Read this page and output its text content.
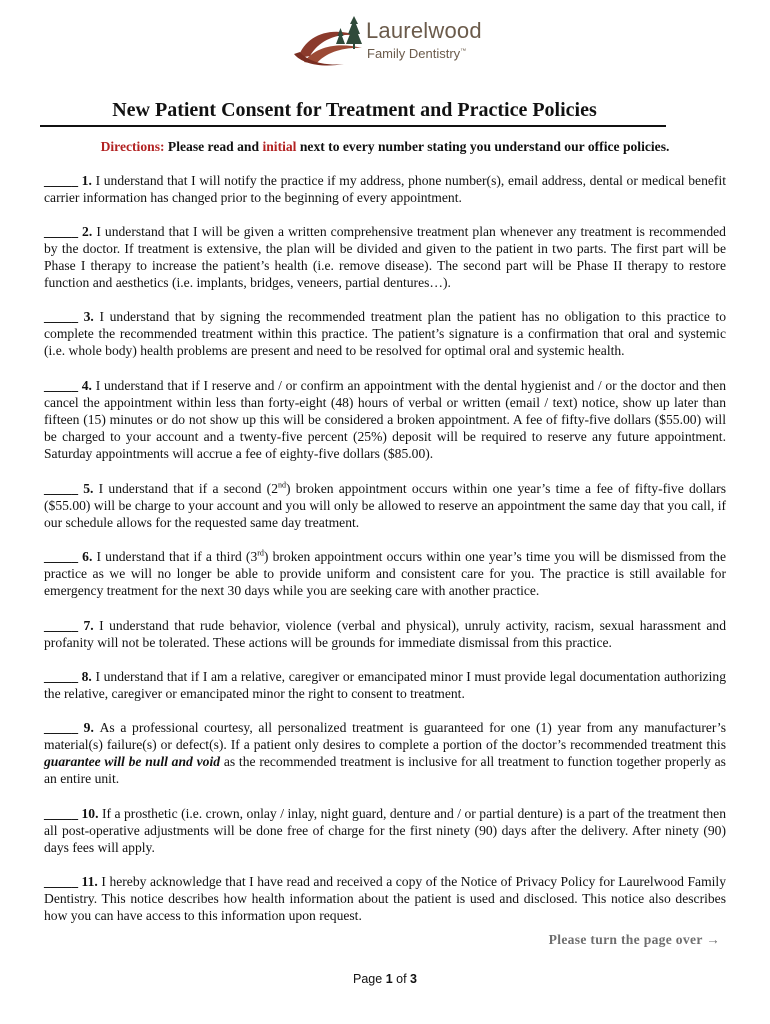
Laurelwood
Family Dentistry™
New Patient Consent for Treatment and Practice Policies
Directions: Please read and initial next to every number stating you understand our office policies.
_____ 1. I understand that I will notify the practice if my address, phone number(s), email address, dental or medical benefit carrier information has changed prior to the beginning of every appointment.
_____ 2. I understand that I will be given a written comprehensive treatment plan whenever any treatment is recommended by the doctor. If treatment is extensive, the plan will be divided and given to the patient in two parts. The first part will be Phase I therapy to increase the patient’s health (i.e. remove disease). The second part will be Phase II therapy to restore function and aesthetics (i.e. implants, bridges, veneers, partial dentures…).
_____ 3. I understand that by signing the recommended treatment plan the patient has no obligation to this practice to complete the recommended treatment within this practice. The patient’s signature is a confirmation that oral and systemic (i.e. whole body) health problems are present and need to be resolved for optimal oral and systemic health.
_____ 4. I understand that if I reserve and / or confirm an appointment with the dental hygienist and / or the doctor and then cancel the appointment within less than forty-eight (48) hours of verbal or written (email / text) notice, show up later than fifteen (15) minutes or do not show up this will be considered a broken appointment. A fee of fifty-five dollars ($55.00) will be charged to your account and a twenty-five percent (25%) deposit will be required to reserve any future appointment. Saturday appointments will accrue a fee of eighty-five dollars ($85.00).
_____ 5. I understand that if a second (2nd) broken appointment occurs within one year’s time a fee of fifty-five dollars ($55.00) will be charge to your account and you will only be allowed to reserve an appointment the same day that you call, if our schedule allows for the requested same day treatment.
_____ 6. I understand that if a third (3rd) broken appointment occurs within one year’s time you will be dismissed from the practice as we will no longer be able to provide uniform and consistent care for you. The practice is still available for emergency treatment for the next 30 days while you are seeking care with another practice.
_____ 7. I understand that rude behavior, violence (verbal and physical), unruly activity, racism, sexual harassment and profanity will not be tolerated. These actions will be grounds for immediate dismissal from this practice.
_____ 8. I understand that if I am a relative, caregiver or emancipated minor I must provide legal documentation authorizing the relative, caregiver or emancipated minor the right to consent to treatment.
_____ 9. As a professional courtesy, all personalized treatment is guaranteed for one (1) year from any manufacturer’s material(s) failure(s) or defect(s). If a patient only desires to complete a portion of the doctor’s recommended treatment this guarantee will be null and void as the recommended treatment is inclusive for all treatment to function together properly as an entire unit.
_____ 10. If a prosthetic (i.e. crown, onlay / inlay, night guard, denture and / or partial denture) is a part of the treatment then all post-operative adjustments will be done free of charge for the first ninety (90) days after the delivery. After ninety (90) days fees will apply.
_____ 11. I hereby acknowledge that I have read and received a copy of the Notice of Privacy Policy for Laurelwood Family Dentistry. This notice describes how health information about the patient is used and disclosed. This notice also describes how you can have access to this information upon request.
Please turn the page over →
Page 1 of 3
